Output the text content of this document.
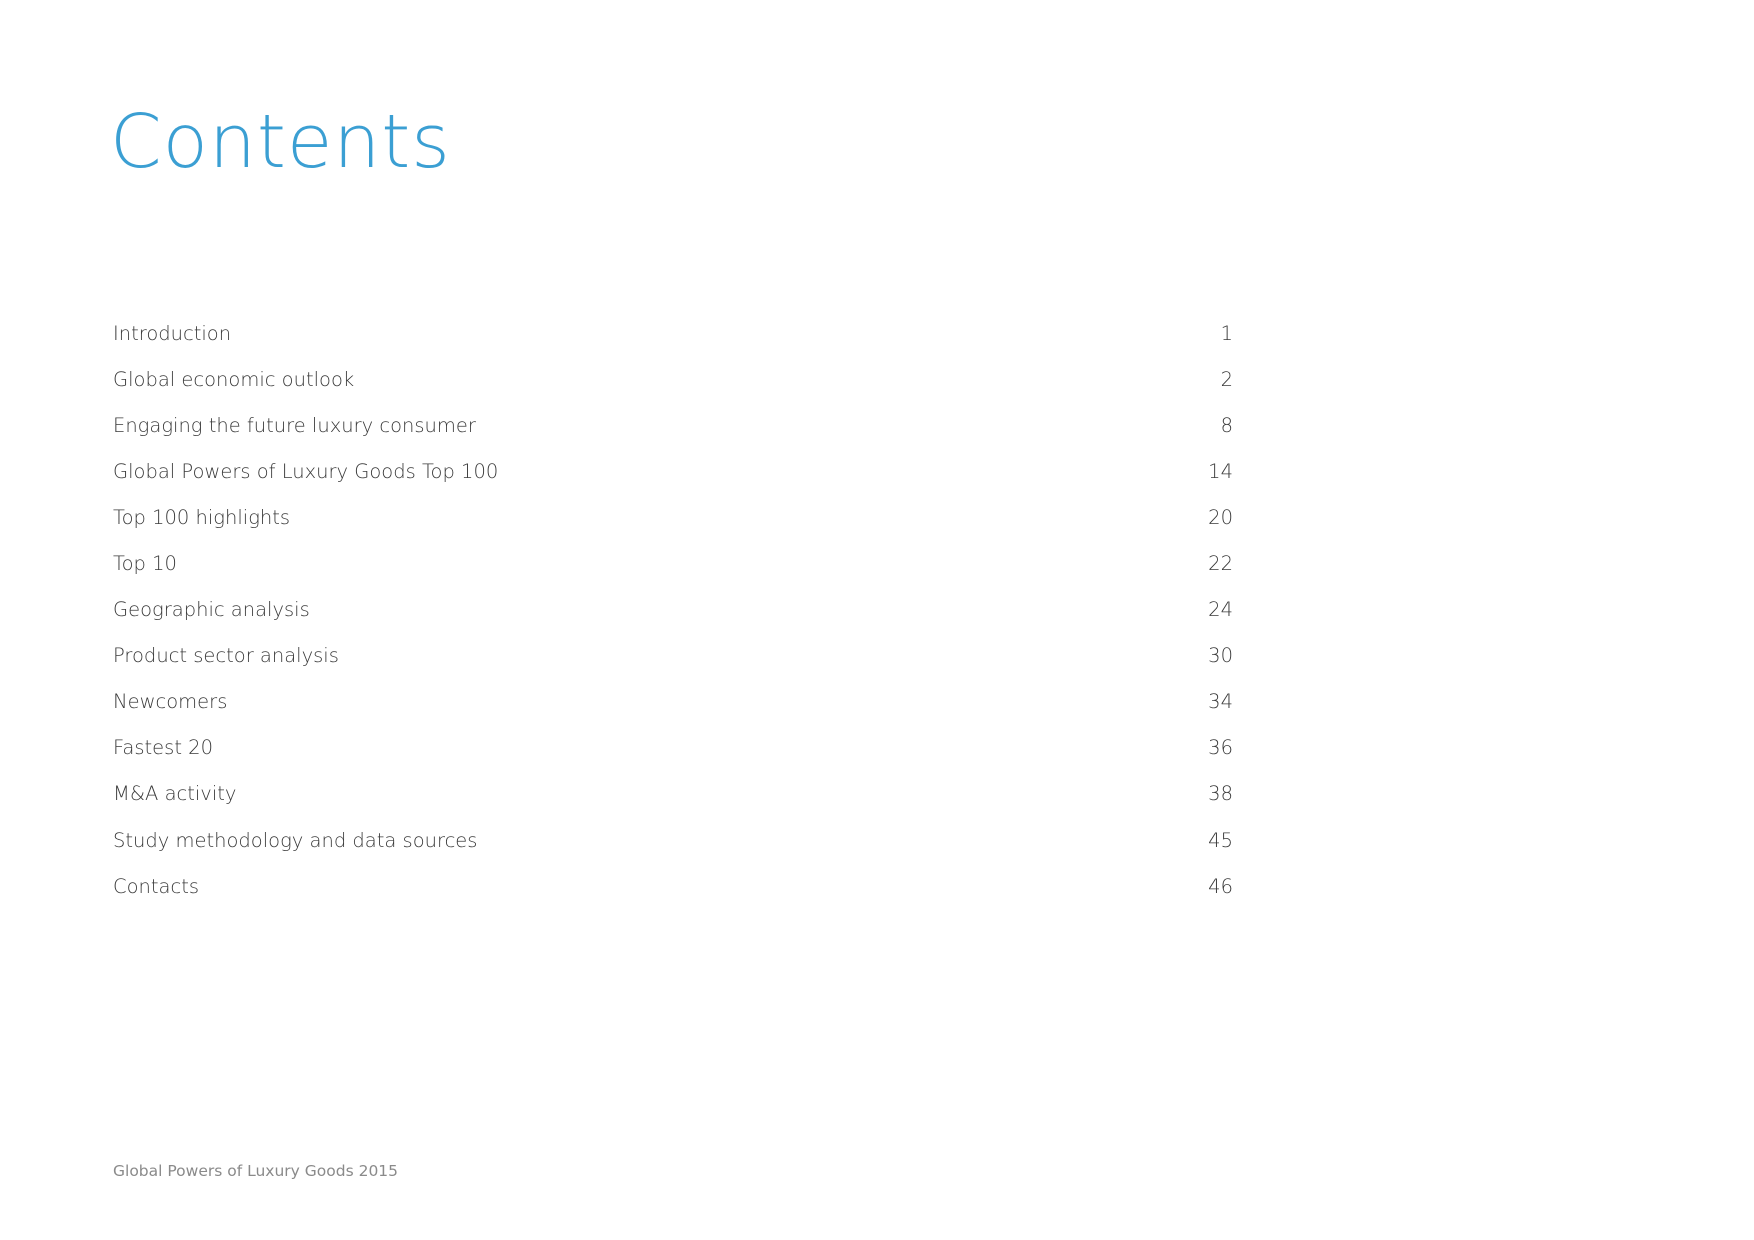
Contents
Introduction	1
Global economic outlook	2
Engaging the future luxury consumer	8
Global Powers of Luxury Goods Top 100	14
Top 100 highlights	20
Top 10	22
Geographic analysis	24
Product sector analysis	30
Newcomers	34
Fastest 20	36
M&A activity	38
Study methodology and data sources	45
Contacts	46

Global Powers of Luxury Goods 2015
